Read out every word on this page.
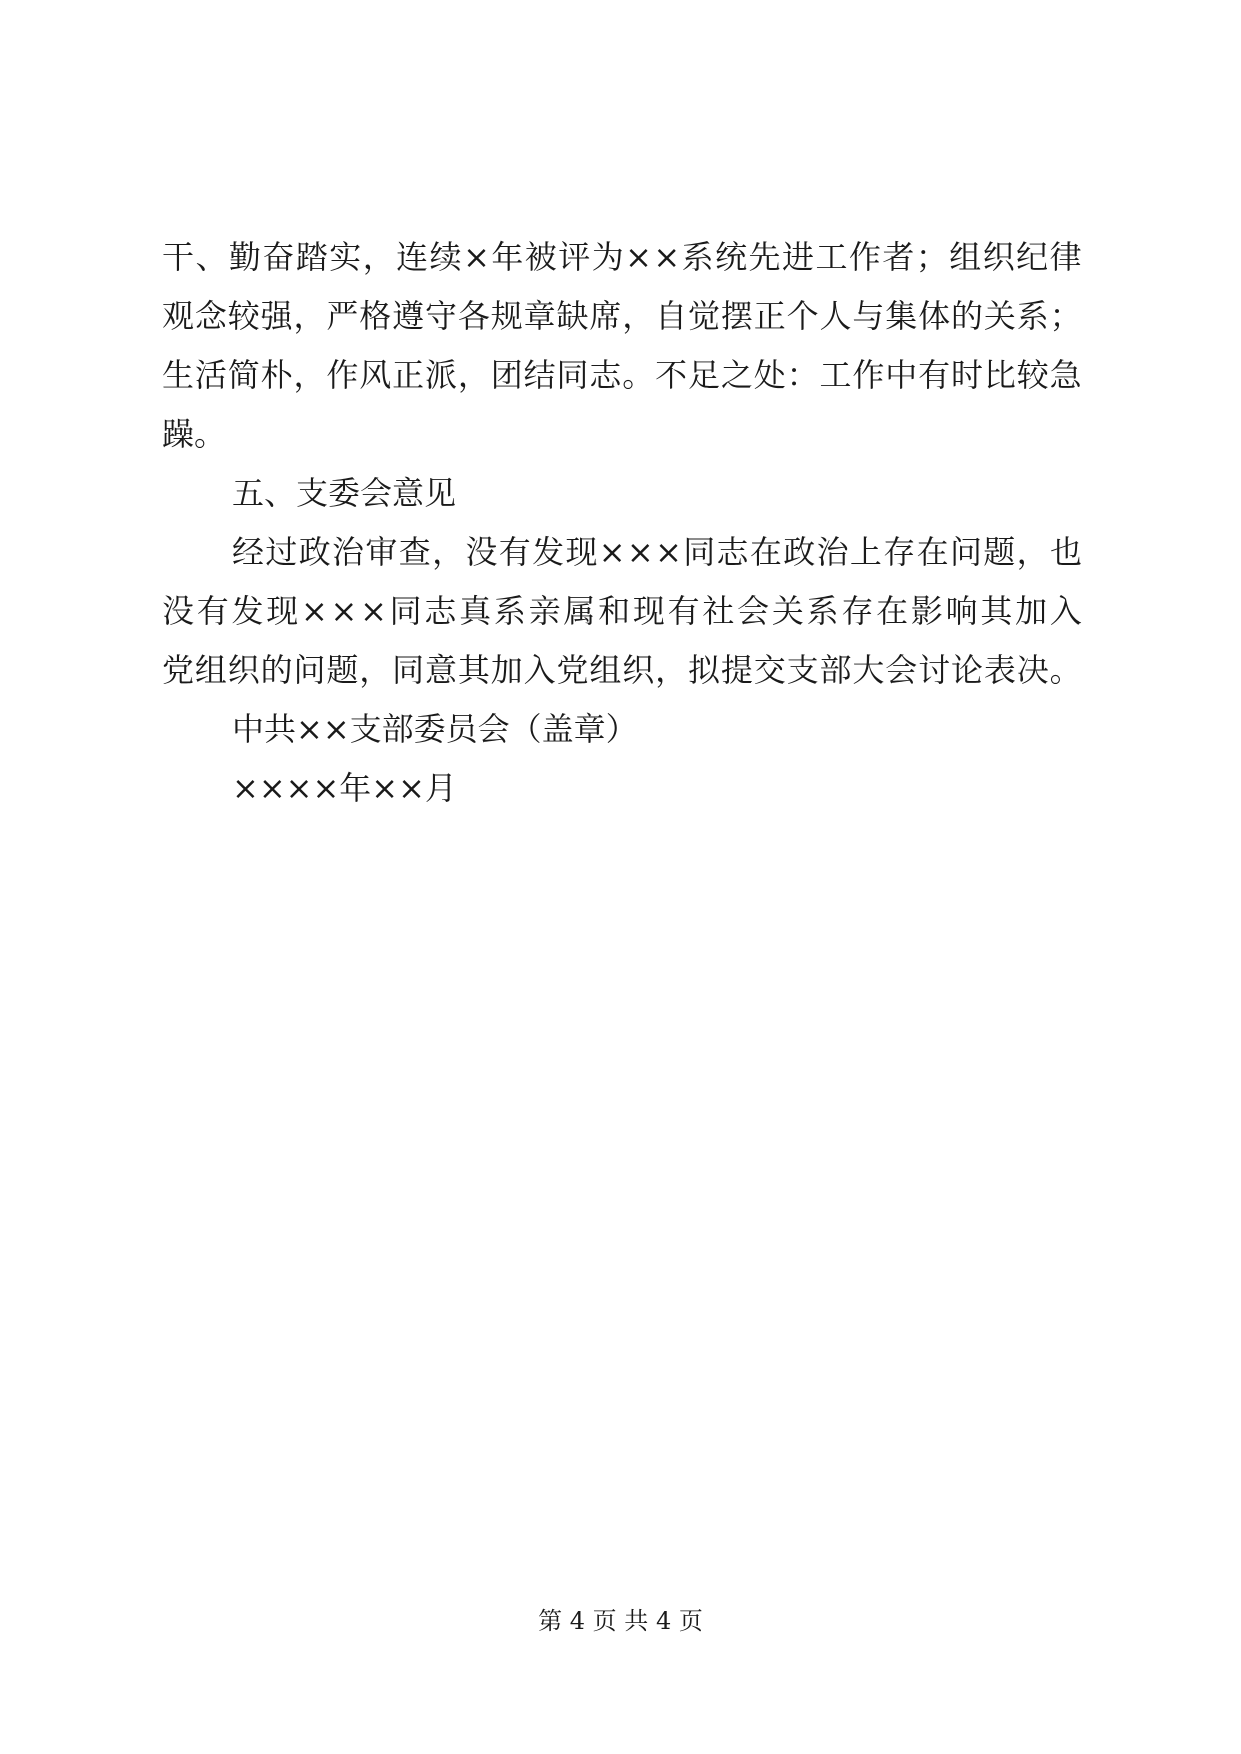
干 、 勤 奋 踏 实 ， 连 续 × 年 被 评 为 × × 系 统 先 进 工 作 者 ； 组 织 纪 律
观 念 较 强 ， 严 格 遵 守 各 规 章 缺 席 ， 自 觉 摆 正 个 人 与 集 体 的 关 系 ；
生 活 简 朴 ， 作 风 正 派 ， 团 结 同 志 。 不 足 之 处 ： 工 作 中 有 时 比 较 急
躁。
五、支委会意见
经 过 政 治 审 查 ， 没 有 发 现 × × × 同 志 在 政 治 上 存 在 问 题 ， 也
没 有 发 现 × × × 同 志 真 系 亲 属 和 现 有 社 会 关 系 存 在 影 响 其 加 入
党 组 织 的 问 题 ， 同 意 其 加 入 党 组 织 ， 拟 提 交 支 部 大 会 讨 论 表 决 。
中共××支部委员会（盖章）
××××年××月
第 4 页 共 4 页
